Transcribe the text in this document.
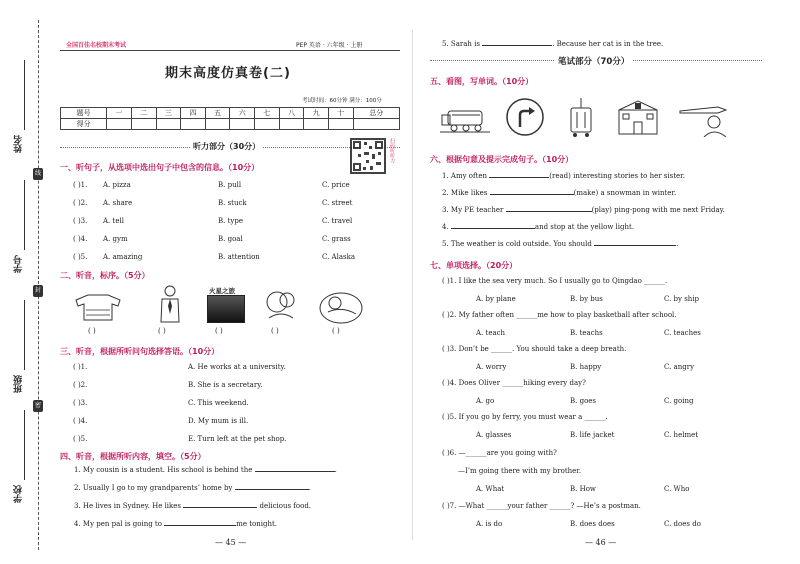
姓名
学号
班级
学校
线
封
密
全国百佳名校期末考试	PEP 英语 · 六年级 · 上册
期末高度仿真卷(二)
考试时间：60分钟 满分：100分
题号	一	二	三	四	五	六	七	八	九	十	总分
得分											
听力部分（30分）	扫码听听力
一、听句子，从选项中选出句子中包含的信息。（10分）
( )1. A. pizza	B. pull	C. price
( )2. A. share	B. stuck	C. street
( )3. A. tell	B. type	C. travel
( )4. A. gym	B. goal	C. grass
( )5. A. amazing	B. attention	C. Alaska
二、听音，标序。（5分）
火星之旅
( )	( )	( )	( )	( )
三、听音，根据所听问句选择答语。（10分）
( )1.	A. He works at a university.
( )2.	B. She is a secretary.
( )3.	C. This weekend.
( )4.	D. My mum is ill.
( )5.	E. Turn left at the pet shop.
四、听音，根据所听内容，填空。（5分）
1. My cousin is a student. His school is behind the	.
2. Usually I go to my grandparents’ home by	.
3. He lives in Sydney. He likes	delicious food.
4. My pen pal is going to	me tonight.
— 45 —
5. Sarah is	. Because her cat is in the tree.
笔试部分（70分）
五、看图，写单词。（10分）
六、根据句意及提示完成句子。（10分）
1. Amy often	(read) interesting stories to her sister.
2. Mike likes	(make) a snowman in winter.
3. My PE teacher	(play) ping-pong with me next Friday.
4.	and stop at the yellow light.
5. The weather is cold outside. You should	.
七、单项选择。（20分）
( )1. I like the sea very much. So I usually go to Qingdao ______.
A. by plane	B. by bus	C. by ship
( )2. My father often ______me how to play basketball after school.
A. teach	B. teachs	C. teaches
( )3. Don’t be ______. You should take a deep breath.
A. worry	B. happy	C. angry
( )4. Does Oliver ______hiking every day?
A. go	B. goes	C. going
( )5. If you go by ferry, you must wear a ______.
A. glasses	B. life jacket	C. helmet
( )6. —______are you going with?
—I’m going there with my brother.
A. What	B. How	C. Who
( )7. —What ______your father ______? —He’s a postman.
A. is do	B. does does	C. does do
— 46 —
